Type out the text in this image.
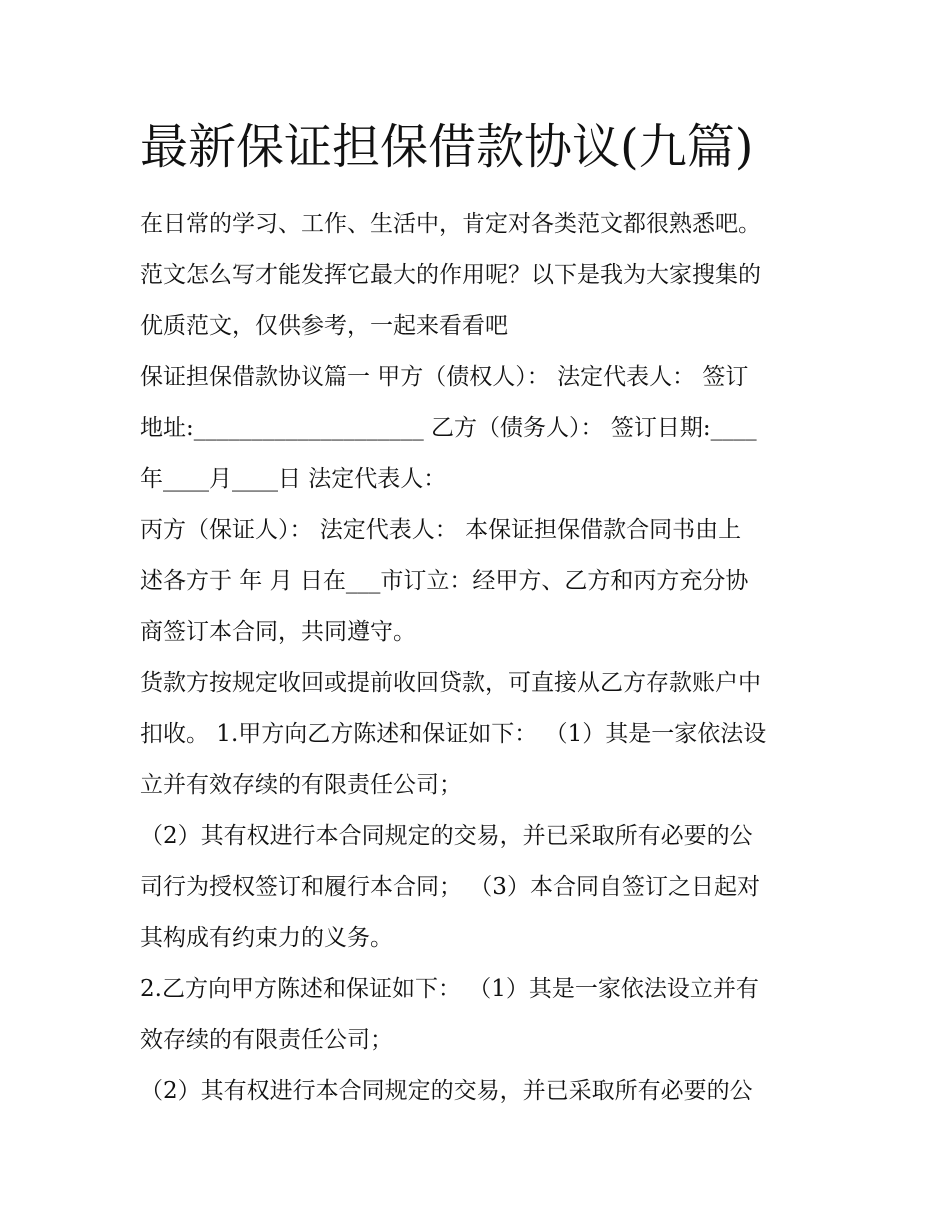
最新保证担保借款协议(九篇)
在日常的学习、工作、生活中，肯定对各类范文都很熟悉吧。
范文怎么写才能发挥它最大的作用呢？以下是我为大家搜集的
优质范文，仅供参考，一起来看看吧
保证担保借款协议篇一 甲方（债权人）： 法定代表人： 签订
地址:____________________ 乙方（债务人）： 签订日期:____
年____月____日 法定代表人：
丙方（保证人）： 法定代表人： 本保证担保借款合同书由上
述各方于 年 月 日在___市订立：经甲方、乙方和丙方充分协
商签订本合同，共同遵守。
货款方按规定收回或提前收回贷款，可直接从乙方存款账户中
扣收。 1.甲方向乙方陈述和保证如下： （1）其是一家依法设
立并有效存续的有限责任公司；
（2）其有权进行本合同规定的交易，并已采取所有必要的公
司行为授权签订和履行本合同； （3）本合同自签订之日起对
其构成有约束力的义务。
2.乙方向甲方陈述和保证如下： （1）其是一家依法设立并有
效存续的有限责任公司；
（2）其有权进行本合同规定的交易，并已采取所有必要的公
